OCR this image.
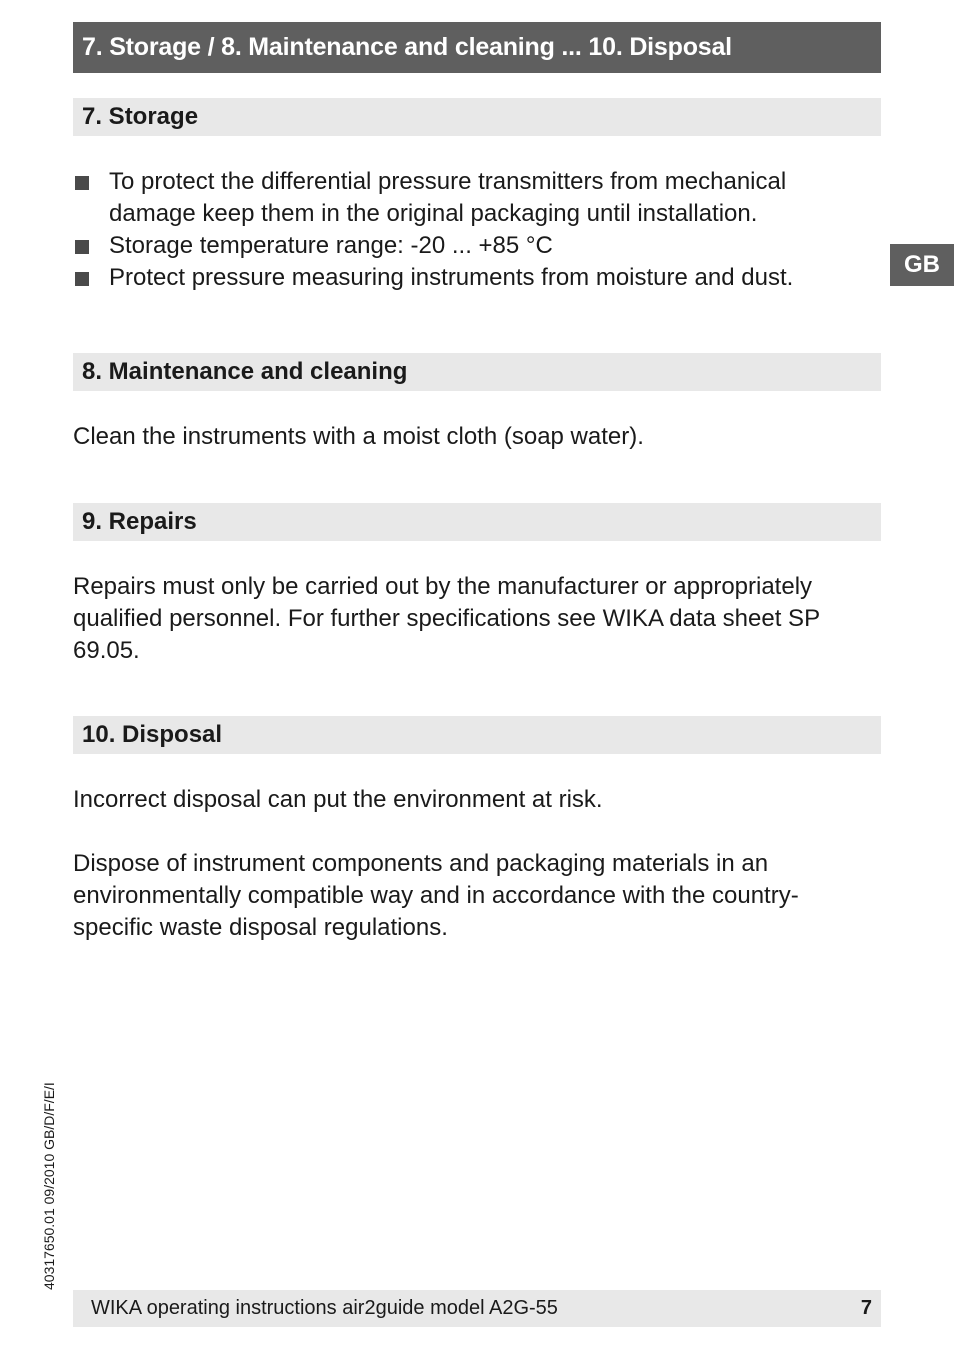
7. Storage / 8. Maintenance and cleaning ... 10. Disposal
GB
7. Storage
To protect the differential pressure transmitters from mechanical damage keep them in the original packaging until installation.
Storage temperature range: -20 ... +85 °C
Protect pressure measuring instruments from moisture and dust.
8. Maintenance and cleaning

Clean the instruments with a moist cloth (soap water).

9. Repairs

Repairs must only be carried out by the manufacturer or appropriately qualified personnel. For further specifications see WIKA data sheet SP 69.05.

10. Disposal

Incorrect disposal can put the environment at risk.

Dispose of instrument components and packaging materials in an environmentally compatible way and in accordance with the country-specific waste disposal regulations.

40317650.01 09/2010 GB/D/F/E/I
WIKA operating instructions air2guide model A2G-55	7
